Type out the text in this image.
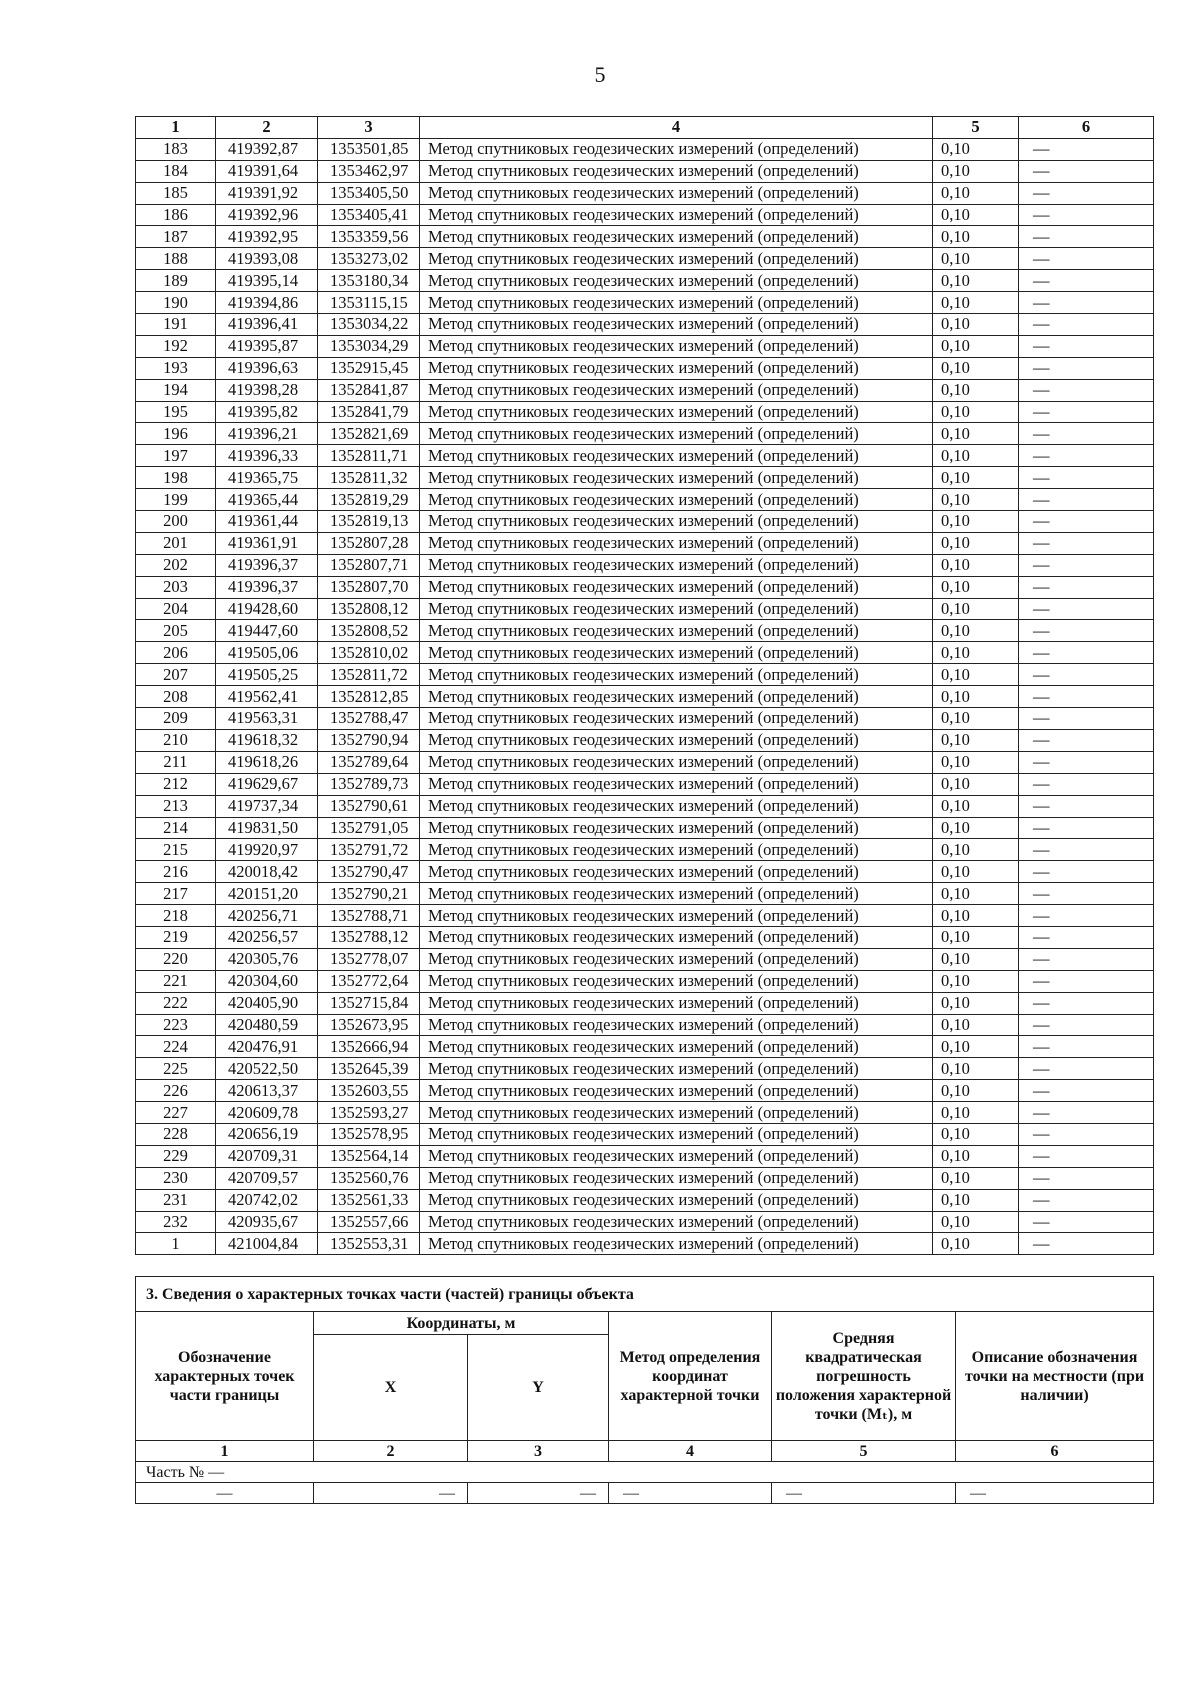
5
1	2	3	4	5	6
183	419392,87	1353501,85	Метод спутниковых геодезических измерений (определений)	0,10	—
184	419391,64	1353462,97	Метод спутниковых геодезических измерений (определений)	0,10	—
185	419391,92	1353405,50	Метод спутниковых геодезических измерений (определений)	0,10	—
186	419392,96	1353405,41	Метод спутниковых геодезических измерений (определений)	0,10	—
187	419392,95	1353359,56	Метод спутниковых геодезических измерений (определений)	0,10	—
188	419393,08	1353273,02	Метод спутниковых геодезических измерений (определений)	0,10	—
189	419395,14	1353180,34	Метод спутниковых геодезических измерений (определений)	0,10	—
190	419394,86	1353115,15	Метод спутниковых геодезических измерений (определений)	0,10	—
191	419396,41	1353034,22	Метод спутниковых геодезических измерений (определений)	0,10	—
192	419395,87	1353034,29	Метод спутниковых геодезических измерений (определений)	0,10	—
193	419396,63	1352915,45	Метод спутниковых геодезических измерений (определений)	0,10	—
194	419398,28	1352841,87	Метод спутниковых геодезических измерений (определений)	0,10	—
195	419395,82	1352841,79	Метод спутниковых геодезических измерений (определений)	0,10	—
196	419396,21	1352821,69	Метод спутниковых геодезических измерений (определений)	0,10	—
197	419396,33	1352811,71	Метод спутниковых геодезических измерений (определений)	0,10	—
198	419365,75	1352811,32	Метод спутниковых геодезических измерений (определений)	0,10	—
199	419365,44	1352819,29	Метод спутниковых геодезических измерений (определений)	0,10	—
200	419361,44	1352819,13	Метод спутниковых геодезических измерений (определений)	0,10	—
201	419361,91	1352807,28	Метод спутниковых геодезических измерений (определений)	0,10	—
202	419396,37	1352807,71	Метод спутниковых геодезических измерений (определений)	0,10	—
203	419396,37	1352807,70	Метод спутниковых геодезических измерений (определений)	0,10	—
204	419428,60	1352808,12	Метод спутниковых геодезических измерений (определений)	0,10	—
205	419447,60	1352808,52	Метод спутниковых геодезических измерений (определений)	0,10	—
206	419505,06	1352810,02	Метод спутниковых геодезических измерений (определений)	0,10	—
207	419505,25	1352811,72	Метод спутниковых геодезических измерений (определений)	0,10	—
208	419562,41	1352812,85	Метод спутниковых геодезических измерений (определений)	0,10	—
209	419563,31	1352788,47	Метод спутниковых геодезических измерений (определений)	0,10	—
210	419618,32	1352790,94	Метод спутниковых геодезических измерений (определений)	0,10	—
211	419618,26	1352789,64	Метод спутниковых геодезических измерений (определений)	0,10	—
212	419629,67	1352789,73	Метод спутниковых геодезических измерений (определений)	0,10	—
213	419737,34	1352790,61	Метод спутниковых геодезических измерений (определений)	0,10	—
214	419831,50	1352791,05	Метод спутниковых геодезических измерений (определений)	0,10	—
215	419920,97	1352791,72	Метод спутниковых геодезических измерений (определений)	0,10	—
216	420018,42	1352790,47	Метод спутниковых геодезических измерений (определений)	0,10	—
217	420151,20	1352790,21	Метод спутниковых геодезических измерений (определений)	0,10	—
218	420256,71	1352788,71	Метод спутниковых геодезических измерений (определений)	0,10	—
219	420256,57	1352788,12	Метод спутниковых геодезических измерений (определений)	0,10	—
220	420305,76	1352778,07	Метод спутниковых геодезических измерений (определений)	0,10	—
221	420304,60	1352772,64	Метод спутниковых геодезических измерений (определений)	0,10	—
222	420405,90	1352715,84	Метод спутниковых геодезических измерений (определений)	0,10	—
223	420480,59	1352673,95	Метод спутниковых геодезических измерений (определений)	0,10	—
224	420476,91	1352666,94	Метод спутниковых геодезических измерений (определений)	0,10	—
225	420522,50	1352645,39	Метод спутниковых геодезических измерений (определений)	0,10	—
226	420613,37	1352603,55	Метод спутниковых геодезических измерений (определений)	0,10	—
227	420609,78	1352593,27	Метод спутниковых геодезических измерений (определений)	0,10	—
228	420656,19	1352578,95	Метод спутниковых геодезических измерений (определений)	0,10	—
229	420709,31	1352564,14	Метод спутниковых геодезических измерений (определений)	0,10	—
230	420709,57	1352560,76	Метод спутниковых геодезических измерений (определений)	0,10	—
231	420742,02	1352561,33	Метод спутниковых геодезических измерений (определений)	0,10	—
232	420935,67	1352557,66	Метод спутниковых геодезических измерений (определений)	0,10	—
1	421004,84	1352553,31	Метод спутниковых геодезических измерений (определений)	0,10	—
3. Сведения о характерных точках части (частей) границы объекта					
Обозначение характерных точек части границы	Координаты, м		Метод определения координат характерной точки	Средняя квадратическая погрешность положения характерной точки (Mₜ), м	Описание обозначения точки на местности (при наличии)
	X	Y			
1	2	3	4	5	6
Часть № —					
—	—	—	—	—	—
